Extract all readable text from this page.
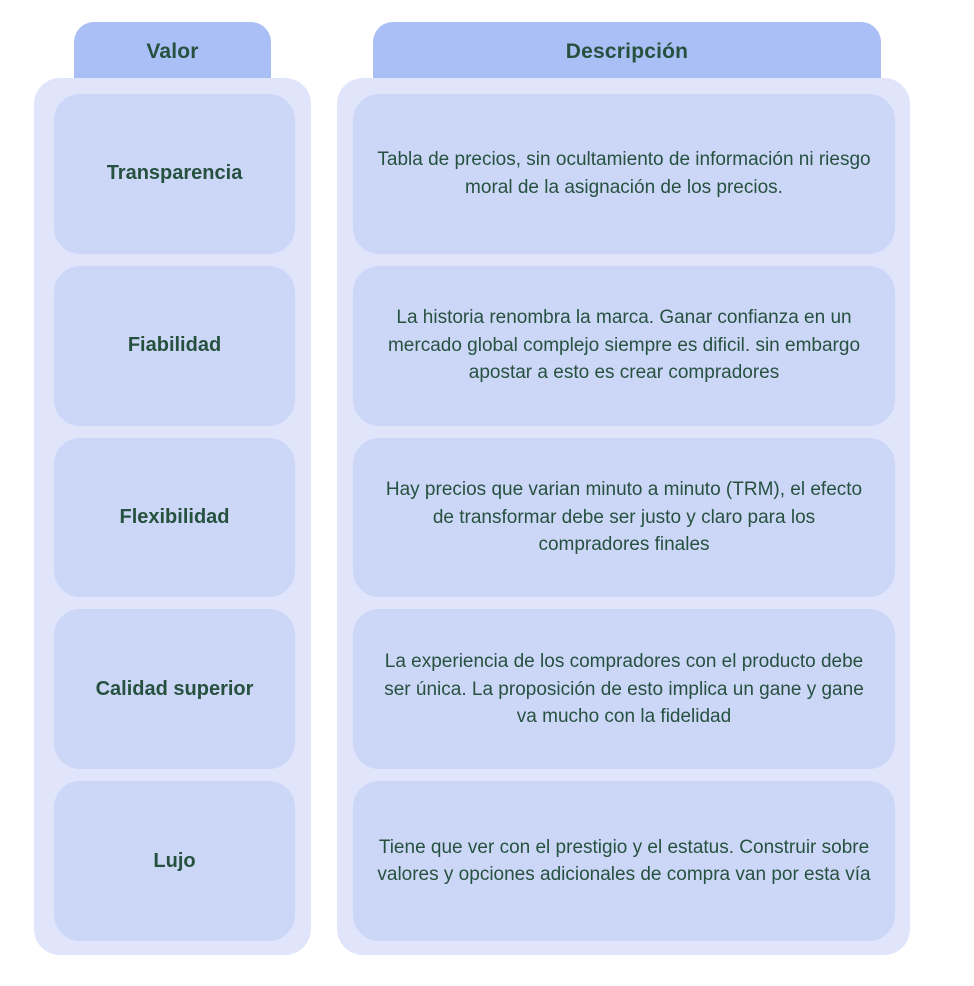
Valor	Descripción
Transparencia
Fiabilidad
Flexibilidad
Calidad superior
Lujo
Tabla de precios, sin ocultamiento de información ni riesgo moral de la asignación de los precios.
La historia renombra la marca. Ganar confianza en un mercado global complejo siempre es dificil. sin embargo apostar a esto es crear compradores
Hay precios que varian minuto a minuto (TRM), el efecto de transformar debe ser justo y claro para los compradores finales
La experiencia de los compradores con el producto debe ser única. La proposición de esto implica un gane y gane va mucho con la fidelidad
Tiene que ver con el prestigio y el estatus. Construir sobre valores y opciones adicionales de compra van por esta vía
